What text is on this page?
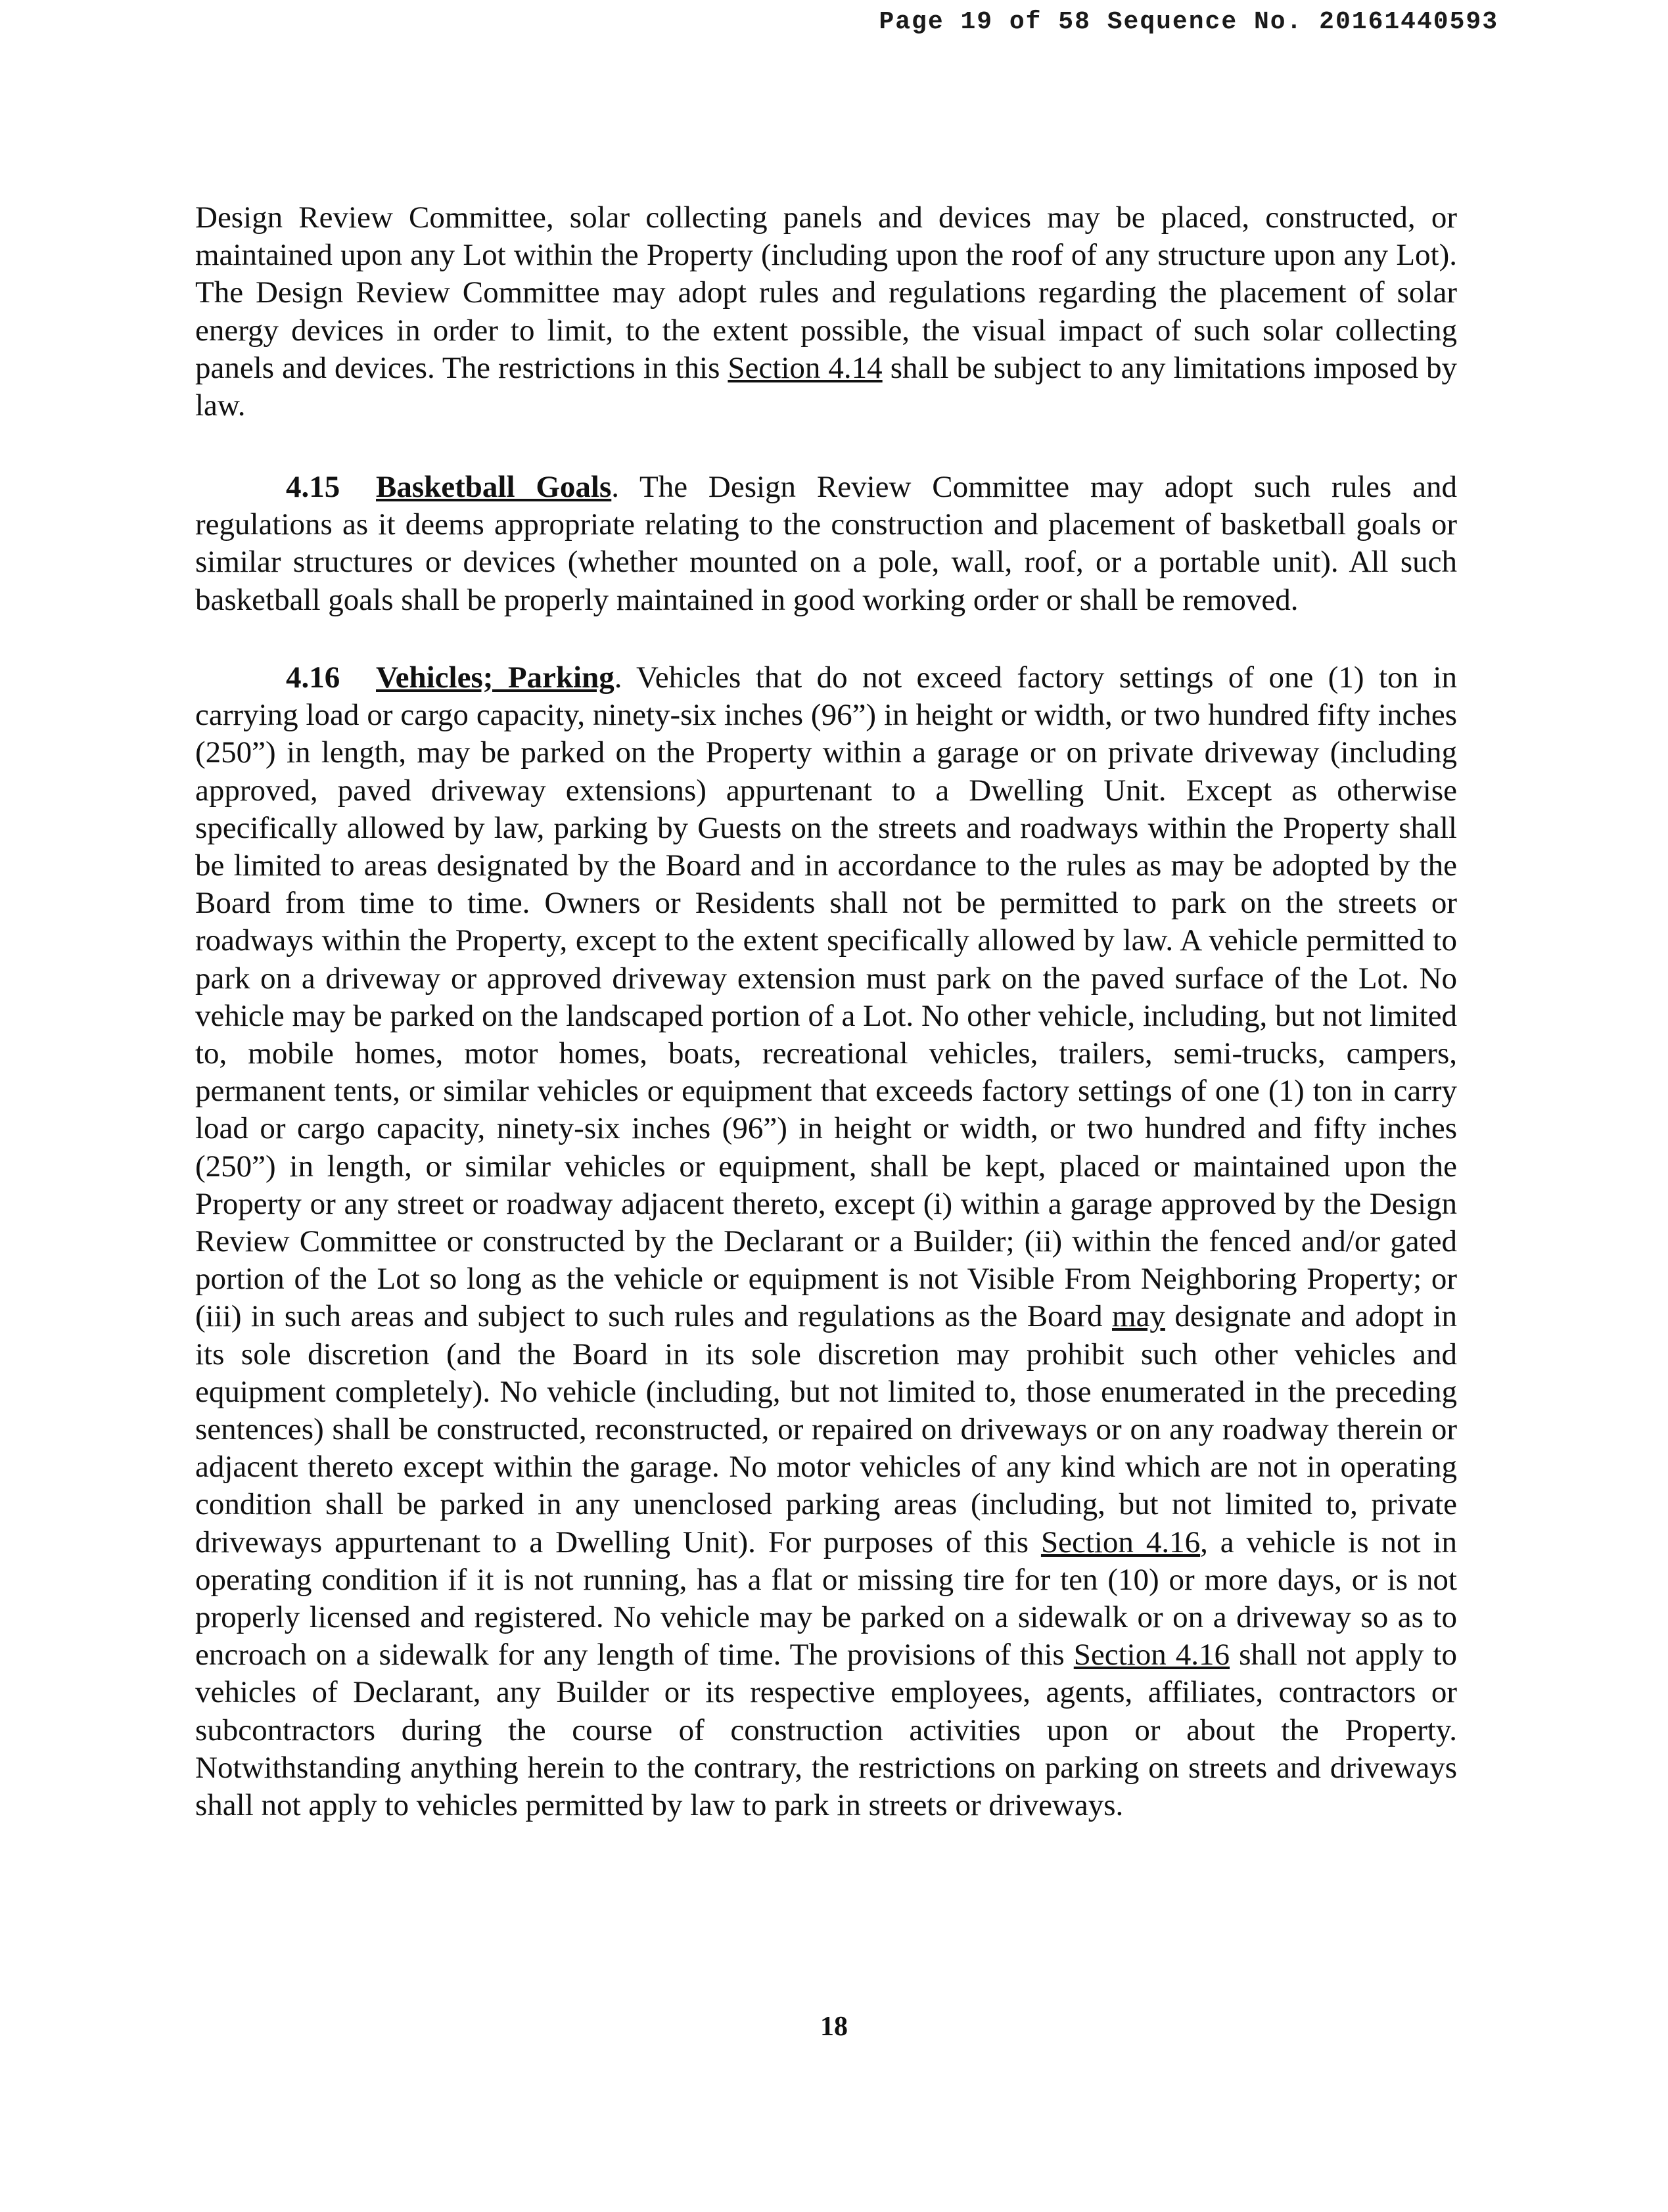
Page 19 of 58 Sequence No. 20161440593

Design Review Committee, solar collecting panels and devices may be placed, constructed, or maintained upon any Lot within the Property (including upon the roof of any structure upon any Lot). The Design Review Committee may adopt rules and regulations regarding the placement of solar energy devices in order to limit, to the extent possible, the visual impact of such solar collecting panels and devices. The restrictions in this Section 4.14 shall be subject to any limitations imposed by law.

4.15 Basketball Goals. The Design Review Committee may adopt such rules and regulations as it deems appropriate relating to the construction and placement of basketball goals or similar structures or devices (whether mounted on a pole, wall, roof, or a portable unit). All such basketball goals shall be properly maintained in good working order or shall be removed.

4.16 Vehicles; Parking. Vehicles that do not exceed factory settings of one (1) ton in carrying load or cargo capacity, ninety-six inches (96”) in height or width, or two hundred fifty inches (250”) in length, may be parked on the Property within a garage or on private driveway (including approved, paved driveway extensions) appurtenant to a Dwelling Unit. Except as otherwise specifically allowed by law, parking by Guests on the streets and roadways within the Property shall be limited to areas designated by the Board and in accordance to the rules as may be adopted by the Board from time to time. Owners or Residents shall not be permitted to park on the streets or roadways within the Property, except to the extent specifically allowed by law. A vehicle permitted to park on a driveway or approved driveway extension must park on the paved surface of the Lot. No vehicle may be parked on the landscaped portion of a Lot. No other vehicle, including, but not limited to, mobile homes, motor homes, boats, recreational vehicles, trailers, semi-trucks, campers, permanent tents, or similar vehicles or equipment that exceeds factory settings of one (1) ton in carry load or cargo capacity, ninety-six inches (96”) in height or width, or two hundred and fifty inches (250”) in length, or similar vehicles or equipment, shall be kept, placed or maintained upon the Property or any street or roadway adjacent thereto, except (i) within a garage approved by the Design Review Committee or constructed by the Declarant or a Builder; (ii) within the fenced and/or gated portion of the Lot so long as the vehicle or equipment is not Visible From Neighboring Property; or (iii) in such areas and subject to such rules and regulations as the Board may designate and adopt in its sole discretion (and the Board in its sole discretion may prohibit such other vehicles and equipment completely). No vehicle (including, but not limited to, those enumerated in the preceding sentences) shall be constructed, reconstructed, or repaired on driveways or on any roadway therein or adjacent thereto except within the garage. No motor vehicles of any kind which are not in operating condition shall be parked in any unenclosed parking areas (including, but not limited to, private driveways appurtenant to a Dwelling Unit). For purposes of this Section 4.16, a vehicle is not in operating condition if it is not running, has a flat or missing tire for ten (10) or more days, or is not properly licensed and registered. No vehicle may be parked on a sidewalk or on a driveway so as to encroach on a sidewalk for any length of time. The provisions of this Section 4.16 shall not apply to vehicles of Declarant, any Builder or its respective employees, agents, affiliates, contractors or subcontractors during the course of construction activities upon or about the Property. Notwithstanding anything herein to the contrary, the restrictions on parking on streets and driveways shall not apply to vehicles permitted by law to park in streets or driveways.

18
